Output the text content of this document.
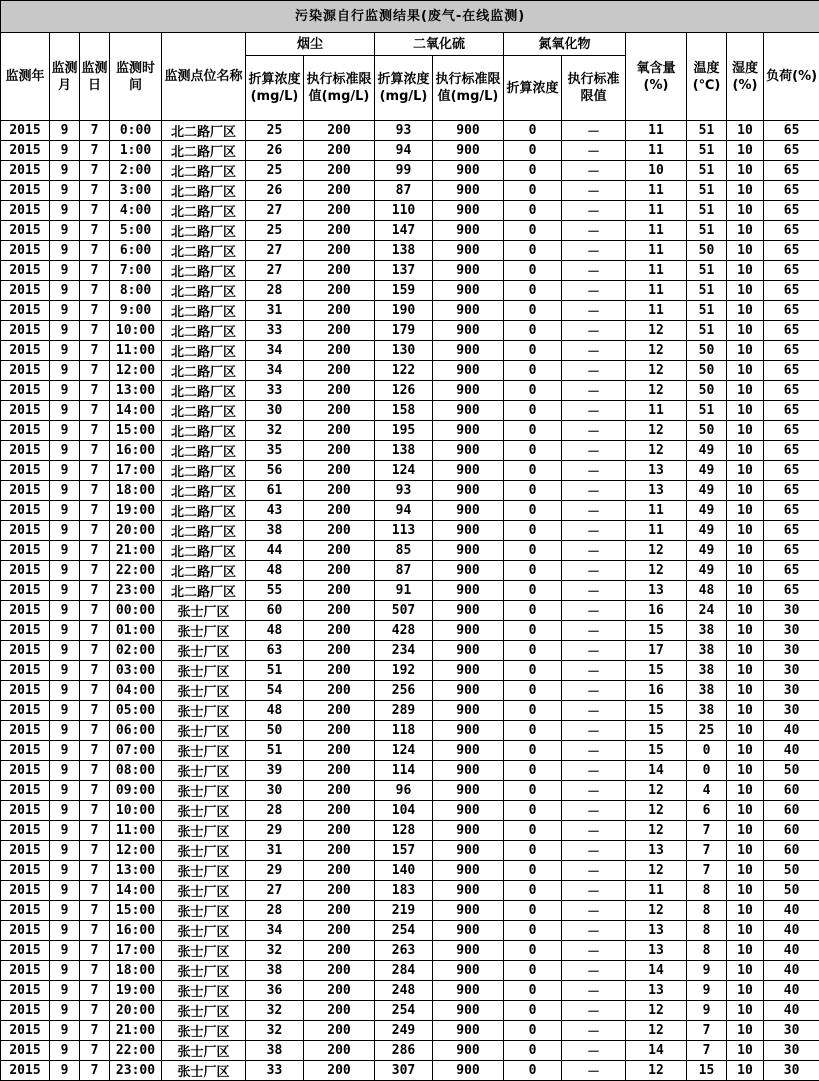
污染源自行监测结果(废气-在线监测)														
监测年	监测月	监测日	监测时间	监测点位名称	烟尘		二氧化硫		氮氧化物		氧含量(%)	温度(℃)	湿度(%)	负荷(%)
					折算浓度(mg/L)	执行标准限值(mg/L)	折算浓度(mg/L)	执行标准限值(mg/L)	折算浓度	执行标准限值				
2015	9	7	0:00	北二路厂区	25	200	93	900	0	－	11	51	10	65
2015	9	7	1:00	北二路厂区	26	200	94	900	0	－	11	51	10	65
2015	9	7	2:00	北二路厂区	25	200	99	900	0	－	10	51	10	65
2015	9	7	3:00	北二路厂区	26	200	87	900	0	－	11	51	10	65
2015	9	7	4:00	北二路厂区	27	200	110	900	0	－	11	51	10	65
2015	9	7	5:00	北二路厂区	25	200	147	900	0	－	11	51	10	65
2015	9	7	6:00	北二路厂区	27	200	138	900	0	－	11	50	10	65
2015	9	7	7:00	北二路厂区	27	200	137	900	0	－	11	51	10	65
2015	9	7	8:00	北二路厂区	28	200	159	900	0	－	11	51	10	65
2015	9	7	9:00	北二路厂区	31	200	190	900	0	－	11	51	10	65
2015	9	7	10:00	北二路厂区	33	200	179	900	0	－	12	51	10	65
2015	9	7	11:00	北二路厂区	34	200	130	900	0	－	12	50	10	65
2015	9	7	12:00	北二路厂区	34	200	122	900	0	－	12	50	10	65
2015	9	7	13:00	北二路厂区	33	200	126	900	0	－	12	50	10	65
2015	9	7	14:00	北二路厂区	30	200	158	900	0	－	11	51	10	65
2015	9	7	15:00	北二路厂区	32	200	195	900	0	－	12	50	10	65
2015	9	7	16:00	北二路厂区	35	200	138	900	0	－	12	49	10	65
2015	9	7	17:00	北二路厂区	56	200	124	900	0	－	13	49	10	65
2015	9	7	18:00	北二路厂区	61	200	93	900	0	－	13	49	10	65
2015	9	7	19:00	北二路厂区	43	200	94	900	0	－	11	49	10	65
2015	9	7	20:00	北二路厂区	38	200	113	900	0	－	11	49	10	65
2015	9	7	21:00	北二路厂区	44	200	85	900	0	－	12	49	10	65
2015	9	7	22:00	北二路厂区	48	200	87	900	0	－	12	49	10	65
2015	9	7	23:00	北二路厂区	55	200	91	900	0	－	13	48	10	65
2015	9	7	00:00	张士厂区	60	200	507	900	0	－	16	24	10	30
2015	9	7	01:00	张士厂区	48	200	428	900	0	－	15	38	10	30
2015	9	7	02:00	张士厂区	63	200	234	900	0	－	17	38	10	30
2015	9	7	03:00	张士厂区	51	200	192	900	0	－	15	38	10	30
2015	9	7	04:00	张士厂区	54	200	256	900	0	－	16	38	10	30
2015	9	7	05:00	张士厂区	48	200	289	900	0	－	15	38	10	30
2015	9	7	06:00	张士厂区	50	200	118	900	0	－	15	25	10	40
2015	9	7	07:00	张士厂区	51	200	124	900	0	－	15	0	10	40
2015	9	7	08:00	张士厂区	39	200	114	900	0	－	14	0	10	50
2015	9	7	09:00	张士厂区	30	200	96	900	0	－	12	4	10	60
2015	9	7	10:00	张士厂区	28	200	104	900	0	－	12	6	10	60
2015	9	7	11:00	张士厂区	29	200	128	900	0	－	12	7	10	60
2015	9	7	12:00	张士厂区	31	200	157	900	0	－	13	7	10	60
2015	9	7	13:00	张士厂区	29	200	140	900	0	－	12	7	10	50
2015	9	7	14:00	张士厂区	27	200	183	900	0	－	11	8	10	50
2015	9	7	15:00	张士厂区	28	200	219	900	0	－	12	8	10	40
2015	9	7	16:00	张士厂区	34	200	254	900	0	－	13	8	10	40
2015	9	7	17:00	张士厂区	32	200	263	900	0	－	13	8	10	40
2015	9	7	18:00	张士厂区	38	200	284	900	0	－	14	9	10	40
2015	9	7	19:00	张士厂区	36	200	248	900	0	－	13	9	10	40
2015	9	7	20:00	张士厂区	32	200	254	900	0	－	12	9	10	40
2015	9	7	21:00	张士厂区	32	200	249	900	0	－	12	7	10	30
2015	9	7	22:00	张士厂区	38	200	286	900	0	－	14	7	10	30
2015	9	7	23:00	张士厂区	33	200	307	900	0	－	12	15	10	30
